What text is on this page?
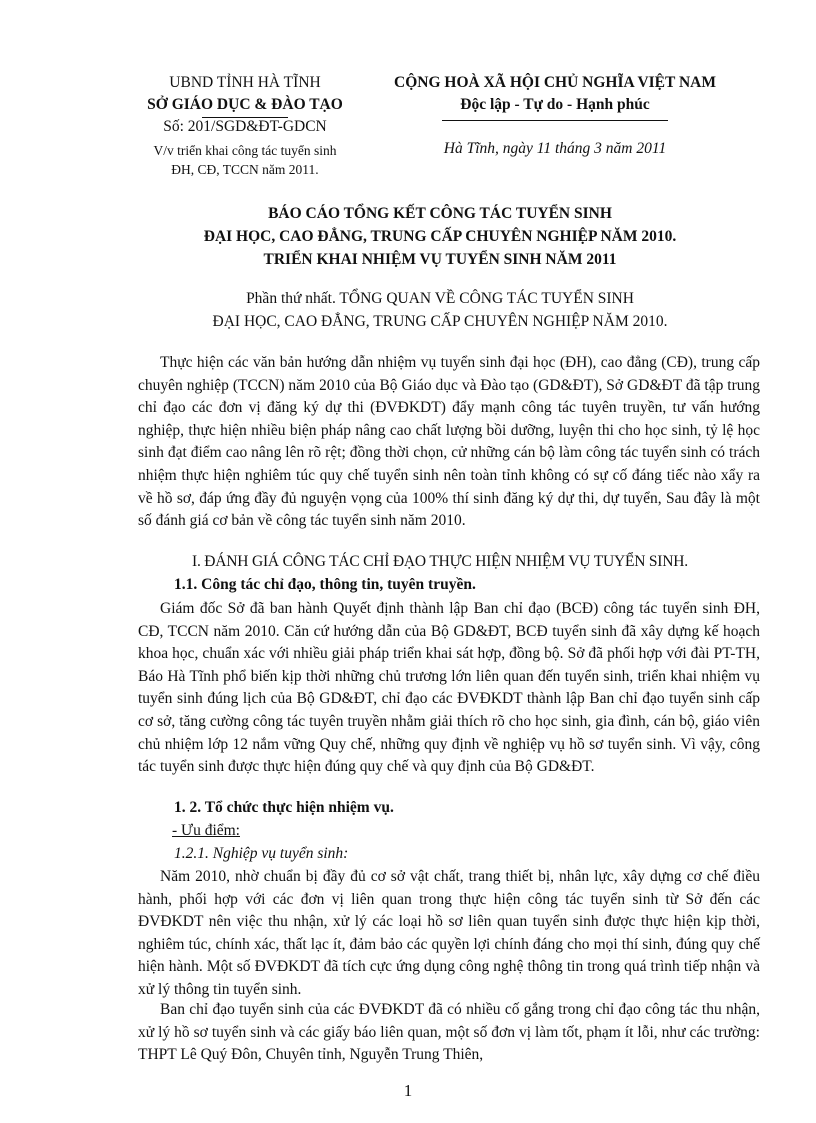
UBND TỈNH HÀ TĨNH
SỞ GIÁO DỤC & ĐÀO TẠO
Số: 201/SGD&ĐT-GDCN
V/v triển khai công tác tuyển sinh
ĐH, CĐ, TCCN năm 2011.
CỘNG HOÀ XÃ HỘI CHỦ NGHĨA VIỆT NAM
Độc lập - Tự do - Hạnh phúc
Hà Tĩnh, ngày 11 tháng 3 năm 2011
BÁO CÁO TỔNG KẾT CÔNG TÁC TUYỂN SINH
ĐẠI HỌC, CAO ĐẲNG, TRUNG CẤP CHUYÊN NGHIỆP NĂM 2010.
TRIỂN KHAI NHIỆM VỤ TUYỂN SINH NĂM 2011
Phần thứ nhất. TỔNG QUAN VỀ CÔNG TÁC TUYỂN SINH
ĐẠI HỌC, CAO ĐẲNG, TRUNG CẤP CHUYÊN NGHIỆP NĂM 2010.

Thực hiện các văn bản hướng dẫn nhiệm vụ tuyển sinh đại học (ĐH), cao đẳng (CĐ), trung cấp chuyên nghiệp (TCCN) năm 2010 của Bộ Giáo dục và Đào tạo (GD&ĐT), Sở GD&ĐT đã tập trung chỉ đạo các đơn vị đăng ký dự thi (ĐVĐKDT) đẩy mạnh công tác tuyên truyền, tư vấn hướng nghiệp, thực hiện nhiều biện pháp nâng cao chất lượng bồi dưỡng, luyện thi cho học sinh, tỷ lệ học sinh đạt điểm cao nâng lên rõ rệt; đồng thời chọn, cử những cán bộ làm công tác tuyển sinh có trách nhiệm thực hiện nghiêm túc quy chế tuyển sinh nên toàn tỉnh không có sự cố đáng tiếc nào xẩy ra về hồ sơ, đáp ứng đầy đủ nguyện vọng của 100% thí sinh đăng ký dự thi, dự tuyển, Sau đây là một số đánh giá cơ bản về công tác tuyển sinh năm 2010.

I. ĐÁNH GIÁ CÔNG TÁC CHỈ ĐẠO THỰC HIỆN NHIỆM VỤ TUYỂN SINH.
1.1. Công tác chỉ đạo, thông tin, tuyên truyền.

Giám đốc Sở đã ban hành Quyết định thành lập Ban chỉ đạo (BCĐ) công tác tuyển sinh ĐH, CĐ, TCCN năm 2010. Căn cứ hướng dẫn của Bộ GD&ĐT, BCĐ tuyển sinh đã xây dựng kế hoạch khoa học, chuẩn xác với nhiều giải pháp triển khai sát hợp, đồng bộ. Sở đã phối hợp với đài PT-TH, Báo Hà Tĩnh phổ biến kịp thời những chủ trương lớn liên quan đến tuyển sinh, triển khai nhiệm vụ tuyển sinh đúng lịch của Bộ GD&ĐT, chỉ đạo các ĐVĐKDT thành lập Ban chỉ đạo tuyển sinh cấp cơ sở, tăng cường công tác tuyên truyền nhằm giải thích rõ cho học sinh, gia đình, cán bộ, giáo viên chủ nhiệm lớp 12 nắm vững Quy chế, những quy định về nghiệp vụ hồ sơ tuyển sinh. Vì vậy, công tác tuyển sinh được thực hiện đúng quy chế và quy định của Bộ GD&ĐT.

1. 2. Tổ chức thực hiện nhiệm vụ.
- Ưu điểm:
1.2.1. Nghiệp vụ tuyển sinh:

Năm 2010, nhờ chuẩn bị đầy đủ cơ sở vật chất, trang thiết bị, nhân lực, xây dựng cơ chế điều hành, phối hợp với các đơn vị liên quan trong thực hiện công tác tuyển sinh từ Sở đến các ĐVĐKDT nên việc thu nhận, xử lý các loại hồ sơ liên quan tuyển sinh được thực hiện kịp thời, nghiêm túc, chính xác, thất lạc ít, đảm bảo các quyền lợi chính đáng cho mọi thí sinh, đúng quy chế hiện hành. Một số ĐVĐKDT đã tích cực ứng dụng công nghệ thông tin trong quá trình tiếp nhận và xử lý thông tin tuyển sinh.

Ban chỉ đạo tuyển sinh của các ĐVĐKDT đã có nhiều cố gắng trong chỉ đạo công tác thu nhận, xử lý hồ sơ tuyển sinh và các giấy báo liên quan, một số đơn vị làm tốt, phạm ít lỗi, như các trường: THPT Lê Quý Đôn, Chuyên tỉnh, Nguyễn Trung Thiên,

1
